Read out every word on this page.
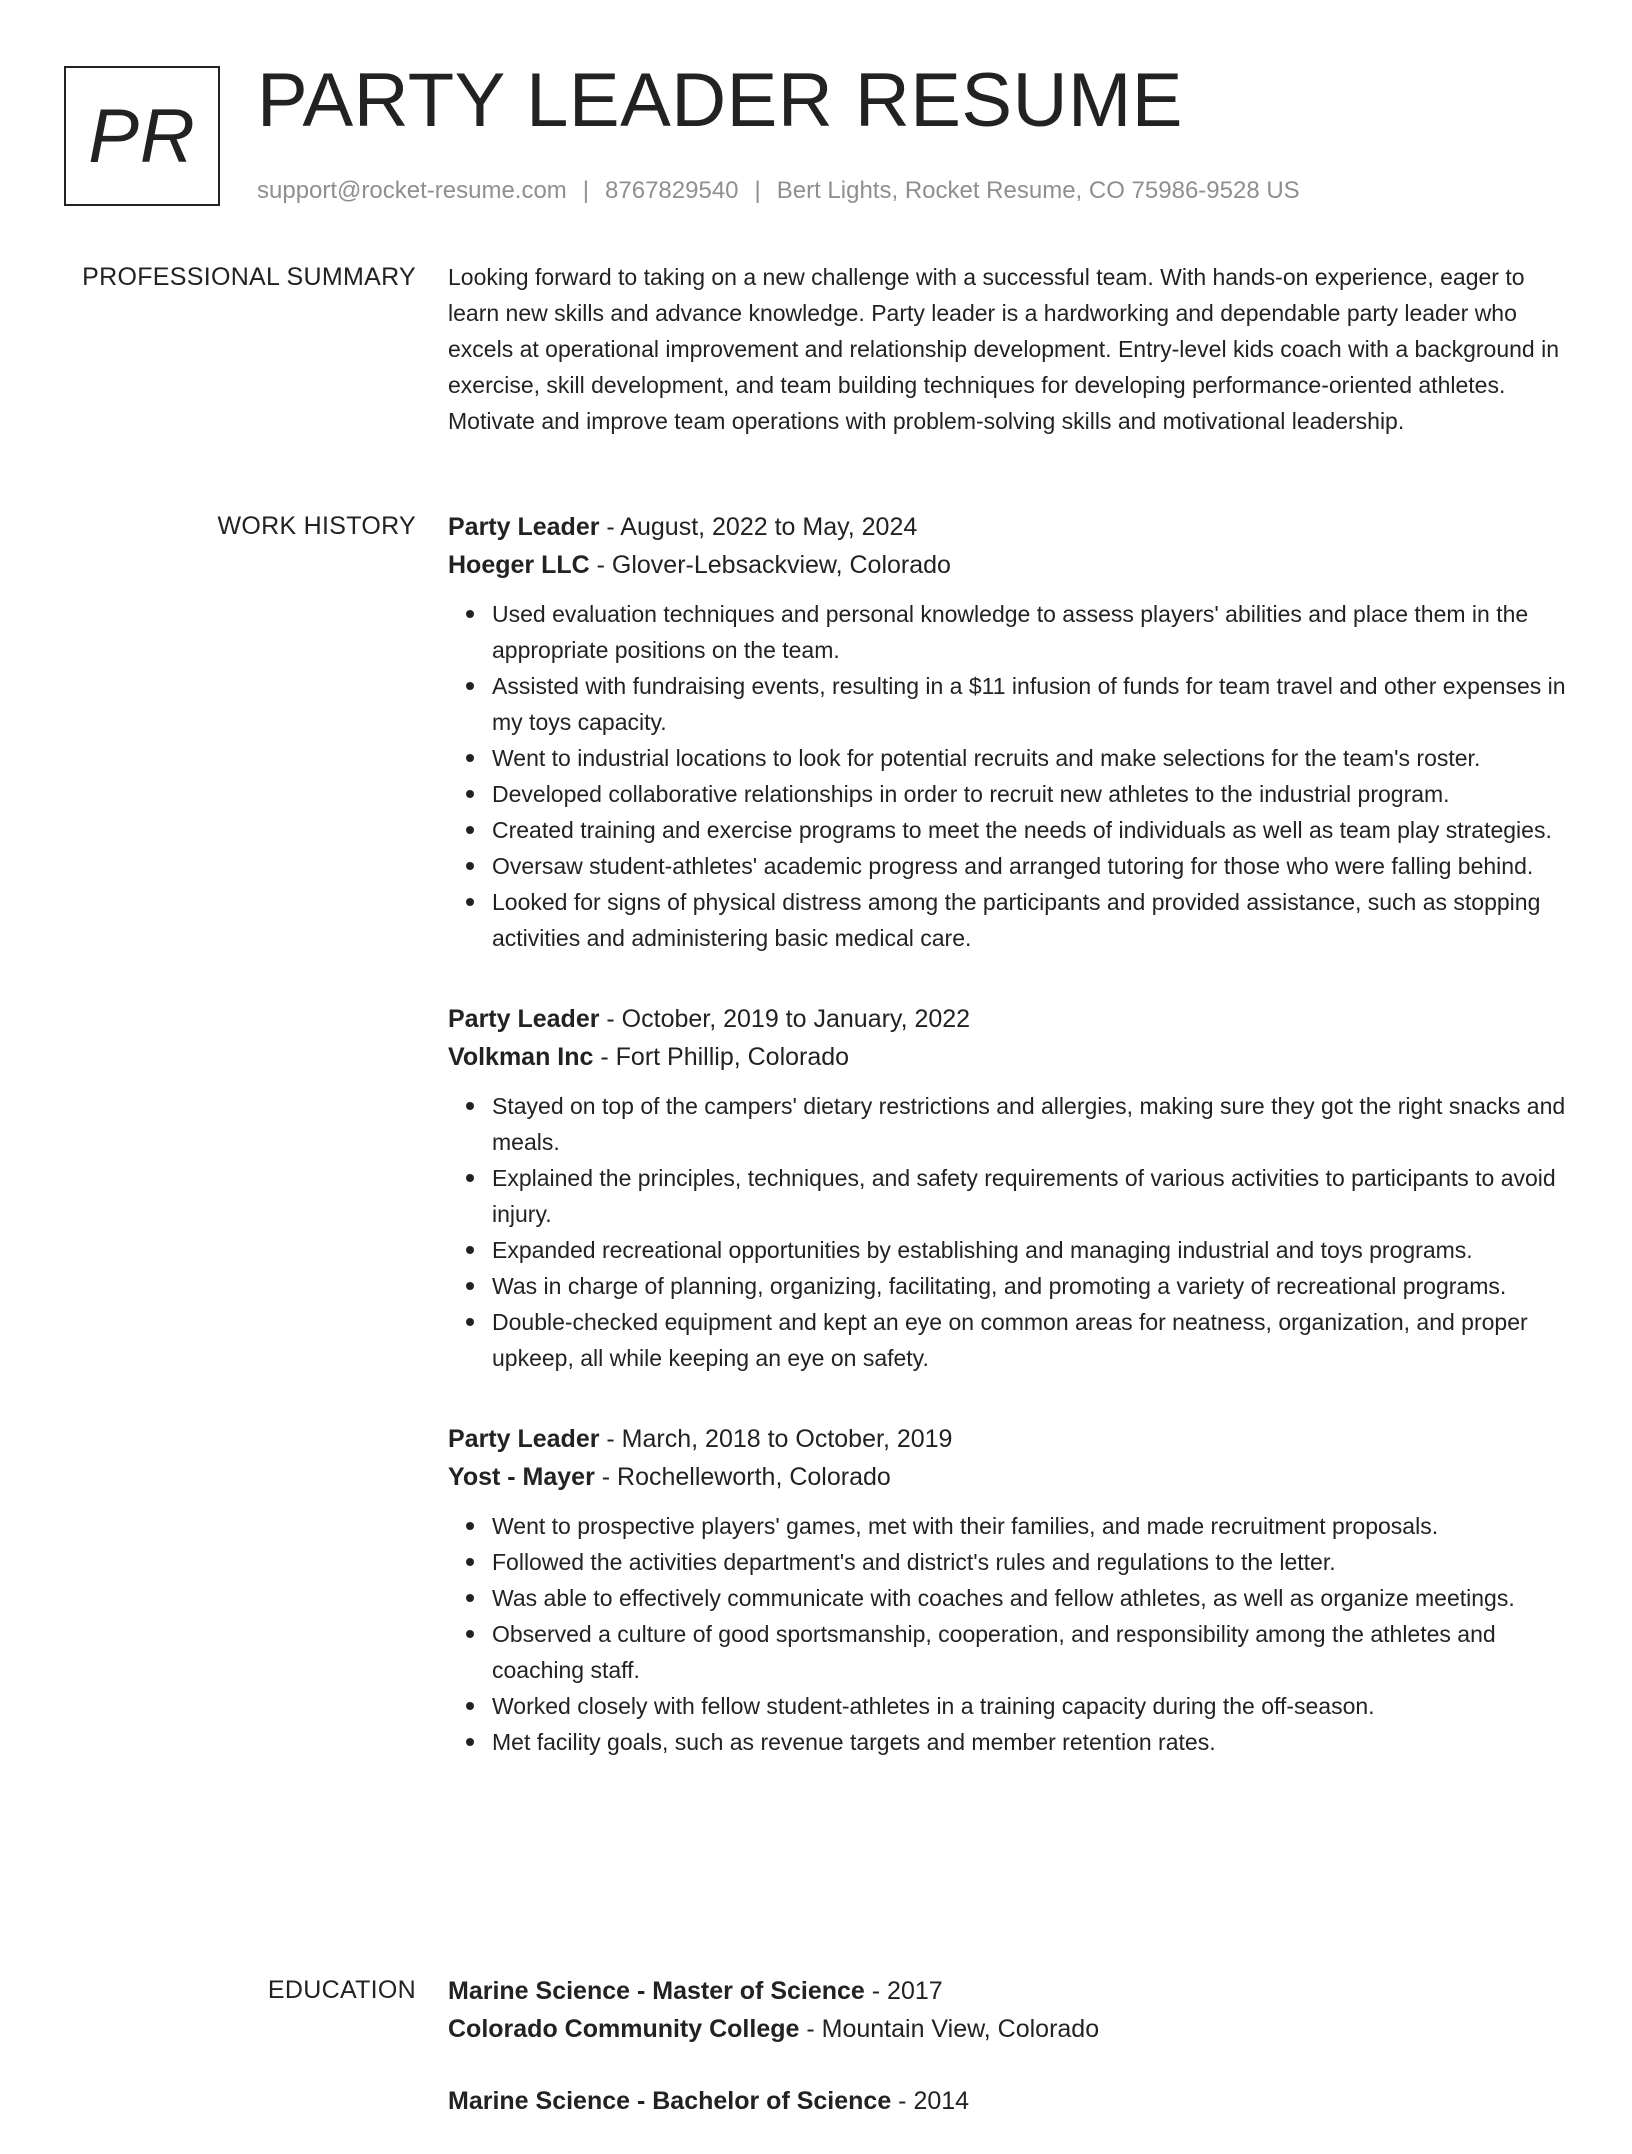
PR PARTY LEADER RESUME
support@rocket-resume.com | 8767829540 | Bert Lights, Rocket Resume, CO 75986-9528 US
PROFESSIONAL SUMMARY Looking forward to taking on a new challenge with a successful team. With hands-on experience, eager to learn new skills and advance knowledge. Party leader is a hardworking and dependable party leader who excels at operational improvement and relationship development. Entry-level kids coach with a background in exercise, skill development, and team building techniques for developing performance-oriented athletes. Motivate and improve team operations with problem-solving skills and motivational leadership.

WORK HISTORY Party Leader - August, 2022 to May, 2024

Hoeger LLC - Glover-Lebsackview, Colorado

Used evaluation techniques and personal knowledge to assess players' abilities and place them in the appropriate positions on the team.
Assisted with fundraising events, resulting in a $11 infusion of funds for team travel and other expenses in my toys capacity.
Went to industrial locations to look for potential recruits and make selections for the team's roster.
Developed collaborative relationships in order to recruit new athletes to the industrial program.
Created training and exercise programs to meet the needs of individuals as well as team play strategies.
Oversaw student-athletes' academic progress and arranged tutoring for those who were falling behind.
Looked for signs of physical distress among the participants and provided assistance, such as stopping activities and administering basic medical care.

Party Leader - October, 2019 to January, 2022

Volkman Inc - Fort Phillip, Colorado

Stayed on top of the campers' dietary restrictions and allergies, making sure they got the right snacks and meals.
Explained the principles, techniques, and safety requirements of various activities to participants to avoid injury.
Expanded recreational opportunities by establishing and managing industrial and toys programs.
Was in charge of planning, organizing, facilitating, and promoting a variety of recreational programs.
Double-checked equipment and kept an eye on common areas for neatness, organization, and proper upkeep, all while keeping an eye on safety.

Party Leader - March, 2018 to October, 2019

Yost - Mayer - Rochelleworth, Colorado

Went to prospective players' games, met with their families, and made recruitment proposals.
Followed the activities department's and district's rules and regulations to the letter.
Was able to effectively communicate with coaches and fellow athletes, as well as organize meetings.
Observed a culture of good sportsmanship, cooperation, and responsibility among the athletes and coaching staff.
Worked closely with fellow student-athletes in a training capacity during the off-season.
Met facility goals, such as revenue targets and member retention rates.
EDUCATION Marine Science - Master of Science - 2017

Colorado Community College - Mountain View, Colorado

Marine Science - Bachelor of Science - 2014
